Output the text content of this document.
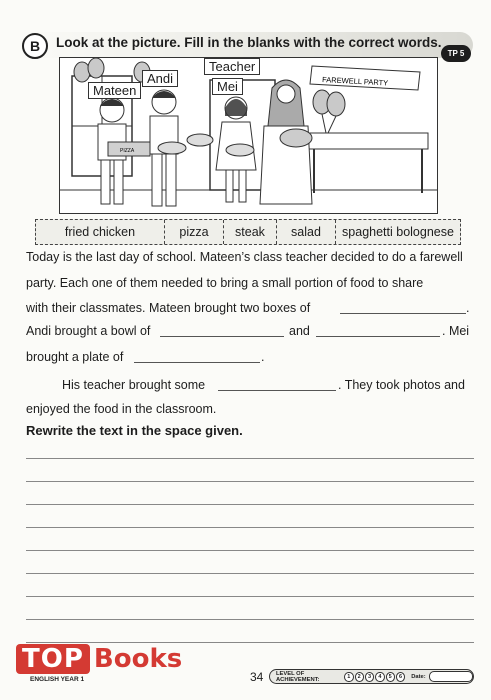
B	Look at the picture. Fill in the blanks with the correct words.
TP 5
FAREWELL PARTY
PIZZA
Mateen
Andi
Teacher
Mei
fried chicken	pizza	steak	salad	spaghetti bolognese
Today is the last day of school. Mateen’s class teacher decided to do a farewell
party. Each one of them needed to bring a small portion of food to share
with their classmates. Mateen brought two boxes of	.
Andi brought a bowl of	and	. Mei
brought a plate of	.
His teacher brought some	. They took photos and
enjoyed the food in the classroom.
Rewrite the text in the space given.
TOP Books
ENGLISH YEAR 1	34 LEVEL OF ACHIEVEMENT:	1	2	3	4	5	6	Date:
